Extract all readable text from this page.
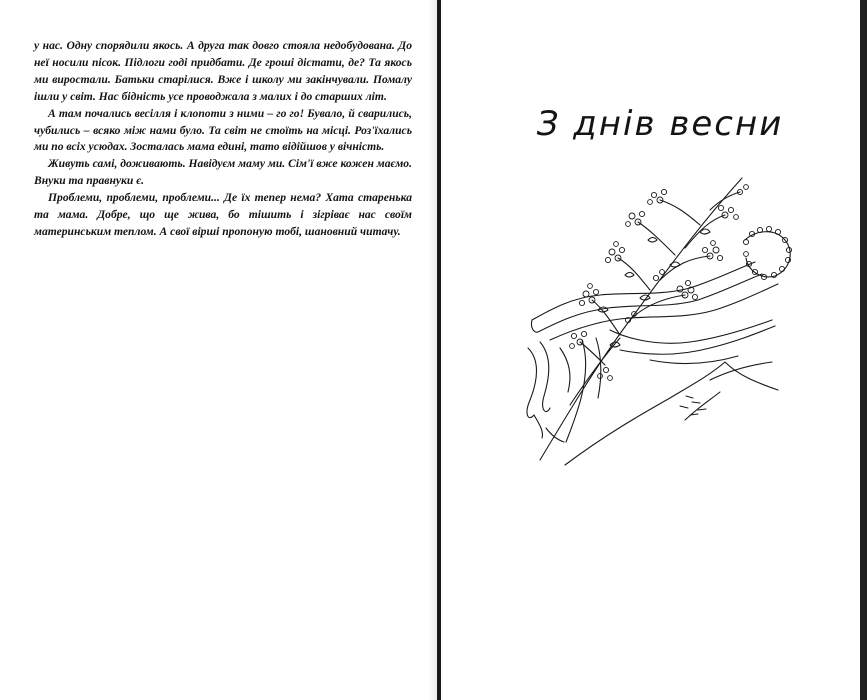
у нас. Одну спорядили якось. А друга так довго стояла недобудована. До неї носили пісок. Підлоги годі придбати. Де гроші дістати, де? Та якось ми виростали. Батьки старілися. Вже і школу ми закінчували. Помалу ішли у світ. Нас бідність усе проводжала з малих і до старших літ.

А там почались весілля і клопоти з ними – го го! Бувало, й сварились, чубились – всяко між нами було. Та світ не стоїть на місці. Роз'їхались ми по всіх усюдах. Зосталась мама едині, тато відійшов у вічність.

Живуть самі, доживають. Навідуєм маму ми. Сім'ї вже кожен маємо. Внуки та правнуки є.

Проблеми, проблеми, проблеми... Де їх тепер нема? Хата старенька та мама. Добре, що ще жива, бо тішить і зігріває нас своїм материнським теплом. А свої вірші пропоную тобі, шановний читачу.

З днів весни
